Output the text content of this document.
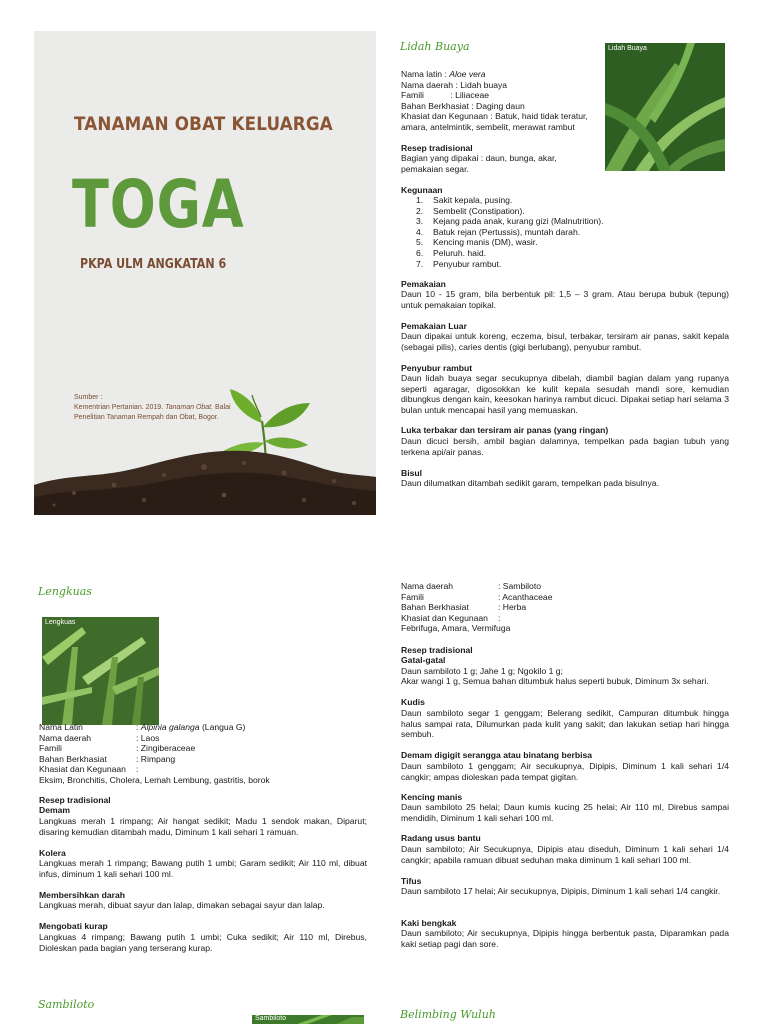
TANAMAN OBAT KELUARGA
TOGA
PKPA ULM ANGKATAN 6
Sumber :
Kementrian Pertanian. 2019. Tanaman Obat. Balai
Penelitian Tanaman Rempah dan Obat, Bogor.
Lidah Buaya	Lidah Buaya
Nama latin : Aloe vera
Nama daerah : Lidah buaya
Famili	: Liliaceae
Bahan Berkhasiat : Daging daun
Khasiat dan Kegunaan : Batuk, haid tidak teratur, amara, antelmintik, sembelit, merawat rambut
Resep tradisional
Bagian yang dipakai : daun, bunga, akar, pemakaian segar.
Kegunaan
1. Sakit kepala, pusing.
2. Sembelit (Constipation).
3. Kejang pada anak, kurang gizi (Malnutrition).
4. Batuk rejan (Pertussis), muntah darah.
5. Kencing manis (DM), wasir.
6. Peluruh. haid.
7. Penyubur rambut.
Pemakaian
Daun 10 - 15 gram, bila berbentuk pil: 1,5 – 3 gram. Atau berupa bubuk (tepung) untuk pemakaian topikal.
Pemakaian Luar
Daun dipakai untuk koreng, eczema, bisul, terbakar, tersiram air panas, sakit kepala (sebagai pilis), caries dentis (gigi berlubang), penyubur rambut.
Penyubur rambut
Daun lidah buaya segar secukupnya dibelah, diambil bagian dalam yang rupanya seperti agaragar, digosokkan ke kulit kepala sesudah mandi sore, kemudian dibungkus dengan kain, keesokan harinya rambut dicuci. Dipakai setiap hari selama 3 bulan untuk mencapai hasil yang memuaskan.
Luka terbakar dan tersiram air panas (yang ringan)
Daun dicuci bersih, ambil bagian dalamnya, tempelkan pada bagian tubuh yang terkena api/air panas.
Bisul
Daun dilumatkan ditambah sedikit garam, tempelkan pada bisulnya.
Lengkuas
Lengkuas
Nama Latin	: Alpinia galanga (Langua G)
Nama daerah	: Laos
Famili	: Zingiberaceae
Bahan Berkhasiat	: Rimpang
Khasiat dan Kegunaan :
Eksim, Bronchitis, Cholera, Lemah Lembung, gastritis, borok
Resep tradisional
Demam
Langkuas merah 1 rimpang; Air hangat sedikit; Madu 1 sendok makan, Diparut; disaring kemudian ditambah madu, Diminum 1 kali sehari 1 ramuan.
Kolera
Langkuas merah 1 rimpang; Bawang putih 1 umbi; Garam sedikit; Air 110 ml, dibuat infus, diminum 1 kali sehari 100 ml.
Membersihkan darah
Langkuas merah, dibuat sayur dan lalap, dimakan sebagai sayur dan lalap.
Mengobati kurap
Langkuas 4 rimpang; Bawang putih 1 umbi; Cuka sedikit; Air 110 ml, Direbus, Dioleskan pada bagian yang terserang kurap.
Nama daerah	: Sambiloto
Famili	: Acanthaceae
Bahan Berkhasiat	: Herba
Khasiat dan Kegunaan :
Febrifuga, Amara, Vermifuga
Resep tradisional
Gatal-gatal
Daun sambiloto 1 g; Jahe 1 g; Ngokilo 1 g;
Akar wangi 1 g, Semua bahan ditumbuk halus seperti bubuk, Diminum 3x sehari.
Kudis
Daun sambiloto segar 1 genggam; Belerang sedikit, Campuran ditumbuk hingga halus sampai rata, Dilumurkan pada kulit yang sakit; dan lakukan setiap hari hingga sembuh.
Demam digigit serangga atau binatang berbisa
Daun sambiloto 1 genggam; Air secukupnya, Dipipis, Diminum 1 kali sehari 1/4 cangkir; ampas dioleskan pada tempat gigitan.
Kencing manis
Daun sambiloto 25 helai; Daun kumis kucing 25 helai; Air 110 ml, Direbus sampai mendidih, Diminum 1 kali sehari 100 ml.
Radang usus bantu
Daun sambiloto; Air Secukupnya, Dipipis atau diseduh, Diminum 1 kali sehari 1/4 cangkir; apabila ramuan dibuat seduhan maka diminum 1 kali sehari 100 ml.
Tifus
Daun sambiloto 17 helai; Air secukupnya, Dipipis, Diminum 1 kali sehari 1/4 cangkir.
Kaki bengkak
Daun sambiloto; Air secukupnya, Dipipis hingga berbentuk pasta, Diparamkan pada kaki setiap pagi dan sore.
Sambiloto
Sambiloto	Belimbing Wuluh
